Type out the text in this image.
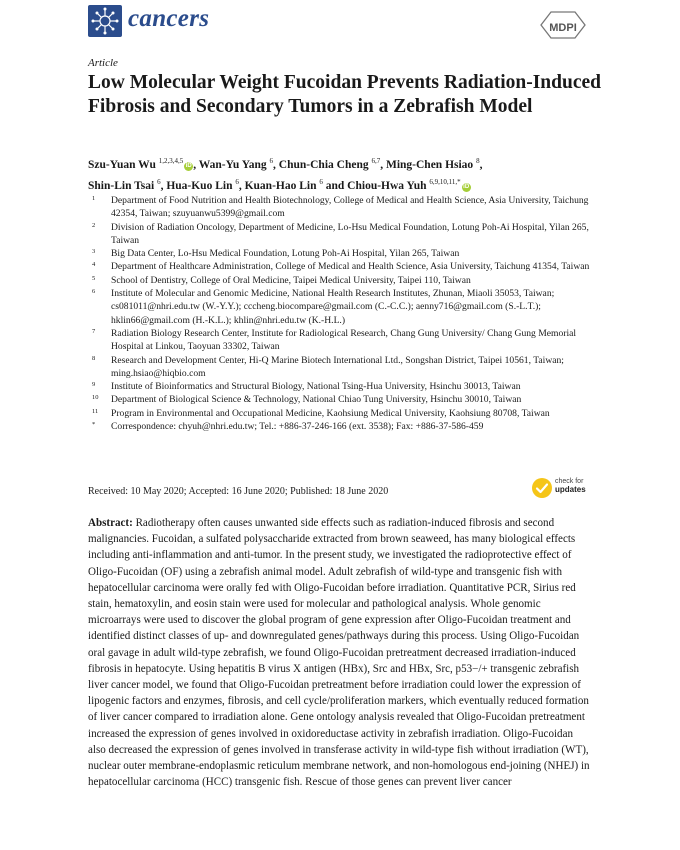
cancers	MDPI
Article
Low Molecular Weight Fucoidan Prevents Radiation-Induced Fibrosis and Secondary Tumors in a Zebrafish Model
Szu-Yuan Wu $^{1,2,3,4,5}$iD , Wan-Yu Yang $^6$, Chun-Chia Cheng $^{6,7}$, Ming-Chen Hsiao $^8$,
Shin-Lin Tsai $^6$, Hua-Kuo Lin $^6$, Kuan-Hao Lin $^6$ and Chiou-Hwa Yuh $^{6,9,10,11,*}$iD

1	Department of Food Nutrition and Health Biotechnology, College of Medical and Health Science, Asia University, Taichung 42354, Taiwan; szuyuanwu5399@gmail.com

2	Division of Radiation Oncology, Department of Medicine, Lo-Hsu Medical Foundation, Lotung Poh-Ai Hospital, Yilan 265, Taiwan

3	Big Data Center, Lo-Hsu Medical Foundation, Lotung Poh-Ai Hospital, Yilan 265, Taiwan

4	Department of Healthcare Administration, College of Medical and Health Science, Asia University, Taichung 41354, Taiwan

5	School of Dentistry, College of Oral Medicine, Taipei Medical University, Taipei 110, Taiwan

6	Institute of Molecular and Genomic Medicine, National Health Research Institutes, Zhunan, Miaoli 35053, Taiwan; cs081011@nhri.edu.tw (W.-Y.Y.); cccheng.biocompare@gmail.com (C.-C.C.); aenny716@gmail.com (S.-L.T.); hklin66@gmail.com (H.-K.L.); khlin@nhri.edu.tw (K.-H.L.)

7	Radiation Biology Research Center, Institute for Radiological Research, Chang Gung University/ Chang Gung Memorial Hospital at Linkou, Taoyuan 33302, Taiwan

8	Research and Development Center, Hi-Q Marine Biotech International Ltd., Songshan District, Taipei 10561, Taiwan; ming.hsiao@hiqbio.com

9	Institute of Bioinformatics and Structural Biology, National Tsing-Hua University, Hsinchu 30013, Taiwan

10	Department of Biological Science & Technology, National Chiao Tung University, Hsinchu 30010, Taiwan

11	Program in Environmental and Occupational Medicine, Kaohsiung Medical University, Kaohsiung 80708, Taiwan

*	Correspondence: chyuh@nhri.edu.tw; Tel.: +886-37-246-166 (ext. 3538); Fax: +886-37-586-459

check for
updates
Received: 10 May 2020; Accepted: 16 June 2020; Published: 18 June 2020

Abstract: Radiotherapy often causes unwanted side effects such as radiation-induced fibrosis and second malignancies. Fucoidan, a sulfated polysaccharide extracted from brown seaweed, has many biological effects including anti-inflammation and anti-tumor. In the present study, we investigated the radioprotective effect of Oligo-Fucoidan (OF) using a zebrafish animal model. Adult zebrafish of wild-type and transgenic fish with hepatocellular carcinoma were orally fed with Oligo-Fucoidan before irradiation. Quantitative PCR, Sirius red stain, hematoxylin, and eosin stain were used for molecular and pathological analysis. Whole genomic microarrays were used to discover the global program of gene expression after Oligo-Fucoidan treatment and identified distinct classes of up- and downregulated genes/pathways during this process. Using Oligo-Fucoidan oral gavage in adult wild-type zebrafish, we found Oligo-Fucoidan pretreatment decreased irradiation-induced fibrosis in hepatocyte. Using hepatitis B virus X antigen (HBx), Src and HBx, Src, p53−/+ transgenic zebrafish liver cancer model, we found that Oligo-Fucoidan pretreatment before irradiation could lower the expression of lipogenic factors and enzymes, fibrosis, and cell cycle/proliferation markers, which eventually reduced formation of liver cancer compared to irradiation alone. Gene ontology analysis revealed that Oligo-Fucoidan pretreatment increased the expression of genes involved in oxidoreductase activity in zebrafish irradiation. Oligo-Fucoidan also decreased the expression of genes involved in transferase activity in wild-type fish without irradiation (WT), nuclear outer membrane-endoplasmic reticulum membrane network, and non-homologous end-joining (NHEJ) in hepatocellular carcinoma (HCC) transgenic fish. Rescue of those genes can prevent liver cancer
